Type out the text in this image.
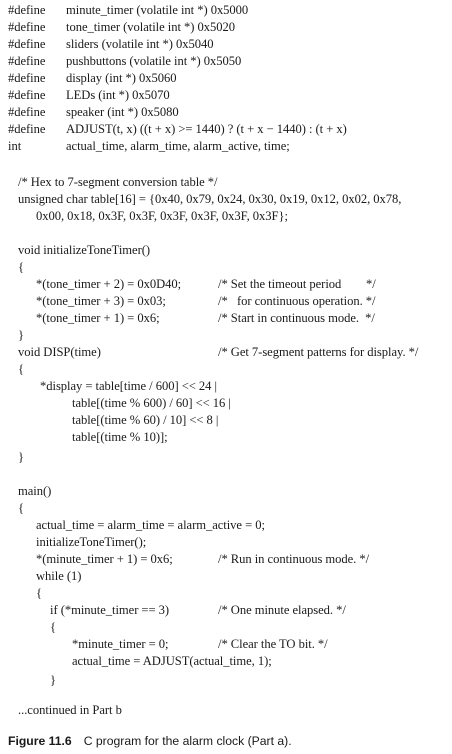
#define minute_timer (volatile int *) 0x5000
#define tone_timer (volatile int *) 0x5020
#define sliders (volatile int *) 0x5040
#define pushbuttons (volatile int *) 0x5050
#define display (int *) 0x5060
#define LEDs (int *) 0x5070
#define speaker (int *) 0x5080
#define ADJUST(t, x) ((t + x) >= 1440) ? (t + x − 1440) : (t + x)
int	actual_time, alarm_time, alarm_active, time;
/* Hex to 7-segment conversion table */
unsigned char table[16] = {0x40, 0x79, 0x24, 0x30, 0x19, 0x12, 0x02, 0x78,
0x00, 0x18, 0x3F, 0x3F, 0x3F, 0x3F, 0x3F, 0x3F};
void initializeToneTimer()
{
*(tone_timer + 2) = 0x0D40;	/* Set the timeout period        */
*(tone_timer + 3) = 0x03;	/*   for continuous operation. */
*(tone_timer + 1) = 0x6;	/* Start in continuous mode.  */
}
void DISP(time)	/* Get 7-segment patterns for display. */
{
*display = table[time / 600] << 24 |
table[(time % 600) / 60] << 16 |
table[(time % 60) / 10] << 8 |
table[(time % 10)];
}
main()
{
actual_time = alarm_time = alarm_active = 0;
initializeToneTimer();
*(minute_timer + 1) = 0x6;	/* Run in continuous mode. */
while (1)
{
if (*minute_timer == 3)	/* One minute elapsed. */
{
*minute_timer = 0;	/* Clear the TO bit. */
actual_time = ADJUST(actual_time, 1);
}
...continued in Part b
Figure 11.6 C program for the alarm clock (Part a).
